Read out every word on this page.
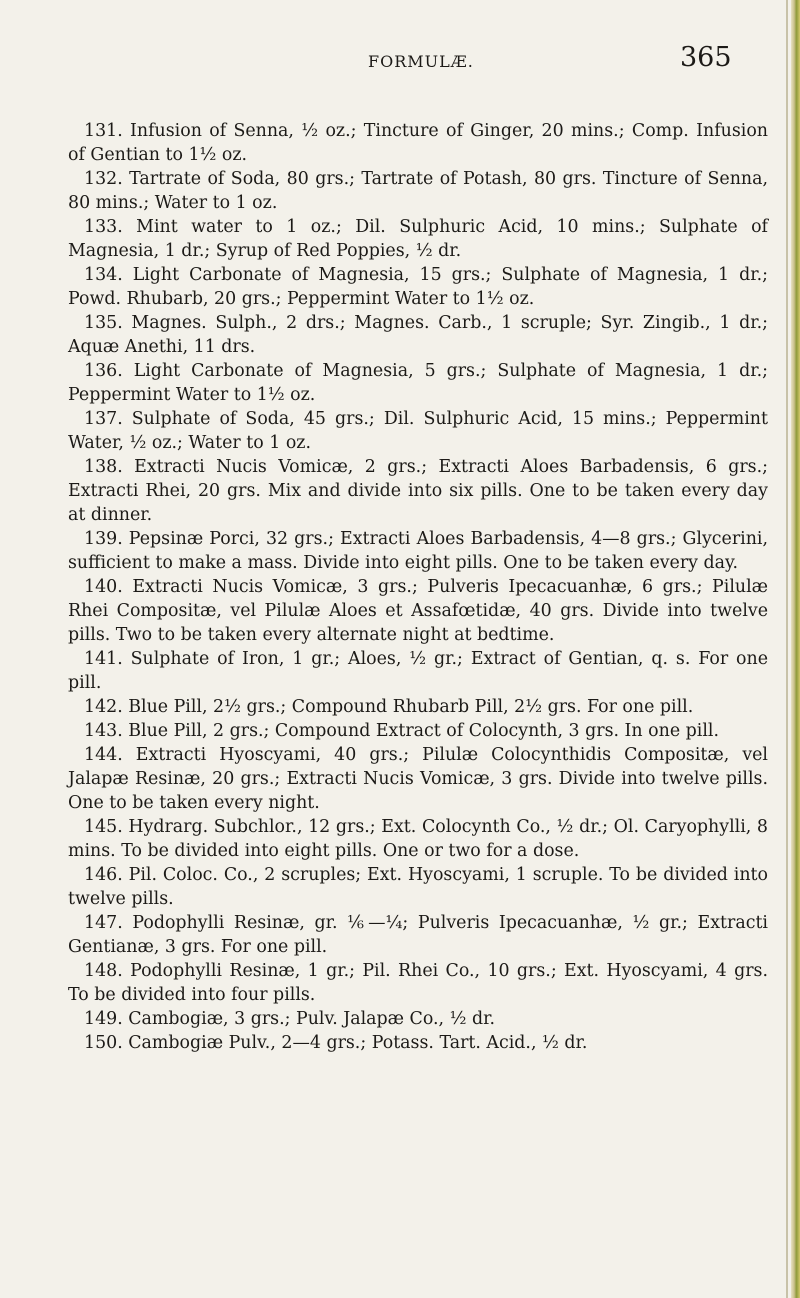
FORMULÆ.	365

131. Infusion of Senna, ½ oz.; Tincture of Ginger, 20 mins.; Comp. Infusion of Gentian to 1½ oz.

132. Tartrate of Soda, 80 grs.; Tartrate of Potash, 80 grs. Tincture of Senna, 80 mins.; Water to 1 oz.

133. Mint water to 1 oz.; Dil. Sulphuric Acid, 10 mins.; Sulphate of Magnesia, 1 dr.; Syrup of Red Poppies, ½ dr.

134. Light Carbonate of Magnesia, 15 grs.; Sulphate of Magnesia, 1 dr.; Powd. Rhubarb, 20 grs.; Peppermint Water to 1½ oz.

135. Magnes. Sulph., 2 drs.; Magnes. Carb., 1 scruple; Syr. Zingib., 1 dr.; Aquæ Anethi, 11 drs.

136. Light Carbonate of Magnesia, 5 grs.; Sulphate of Magnesia, 1 dr.; Peppermint Water to 1½ oz.

137. Sulphate of Soda, 45 grs.; Dil. Sulphuric Acid, 15 mins.; Peppermint Water, ½ oz.; Water to 1 oz.

138. Extracti Nucis Vomicæ, 2 grs.; Extracti Aloes Barbadensis, 6 grs.; Extracti Rhei, 20 grs. Mix and divide into six pills. One to be taken every day at dinner.

139. Pepsinæ Porci, 32 grs.; Extracti Aloes Barbadensis, 4—8 grs.; Glycerini, sufficient to make a mass. Divide into eight pills. One to be taken every day.

140. Extracti Nucis Vomicæ, 3 grs.; Pulveris Ipecacuanhæ, 6 grs.; Pilulæ Rhei Compositæ, vel Pilulæ Aloes et Assafœtidæ, 40 grs. Divide into twelve pills. Two to be taken every alternate night at bedtime.

141. Sulphate of Iron, 1 gr.; Aloes, ½ gr.; Extract of Gentian, q. s. For one pill.

142. Blue Pill, 2½ grs.; Compound Rhubarb Pill, 2½ grs. For one pill.

143. Blue Pill, 2 grs.; Compound Extract of Colocynth, 3 grs. In one pill.

144. Extracti Hyoscyami, 40 grs.; Pilulæ Colocynthidis Compositæ, vel Jalapæ Resinæ, 20 grs.; Extracti Nucis Vomicæ, 3 grs. Divide into twelve pills. One to be taken every night.

145. Hydrarg. Subchlor., 12 grs.; Ext. Colocynth Co., ½ dr.; Ol. Caryophylli, 8 mins. To be divided into eight pills. One or two for a dose.

146. Pil. Coloc. Co., 2 scruples; Ext. Hyoscyami, 1 scruple. To be divided into twelve pills.

147. Podophylli Resinæ, gr. ⅙—¼; Pulveris Ipecacuanhæ, ½ gr.; Extracti Gentianæ, 3 grs. For one pill.

148. Podophylli Resinæ, 1 gr.; Pil. Rhei Co., 10 grs.; Ext. Hyoscyami, 4 grs. To be divided into four pills.

149. Cambogiæ, 3 grs.; Pulv. Jalapæ Co., ½ dr.

150. Cambogiæ Pulv., 2—4 grs.; Potass. Tart. Acid., ½ dr.
